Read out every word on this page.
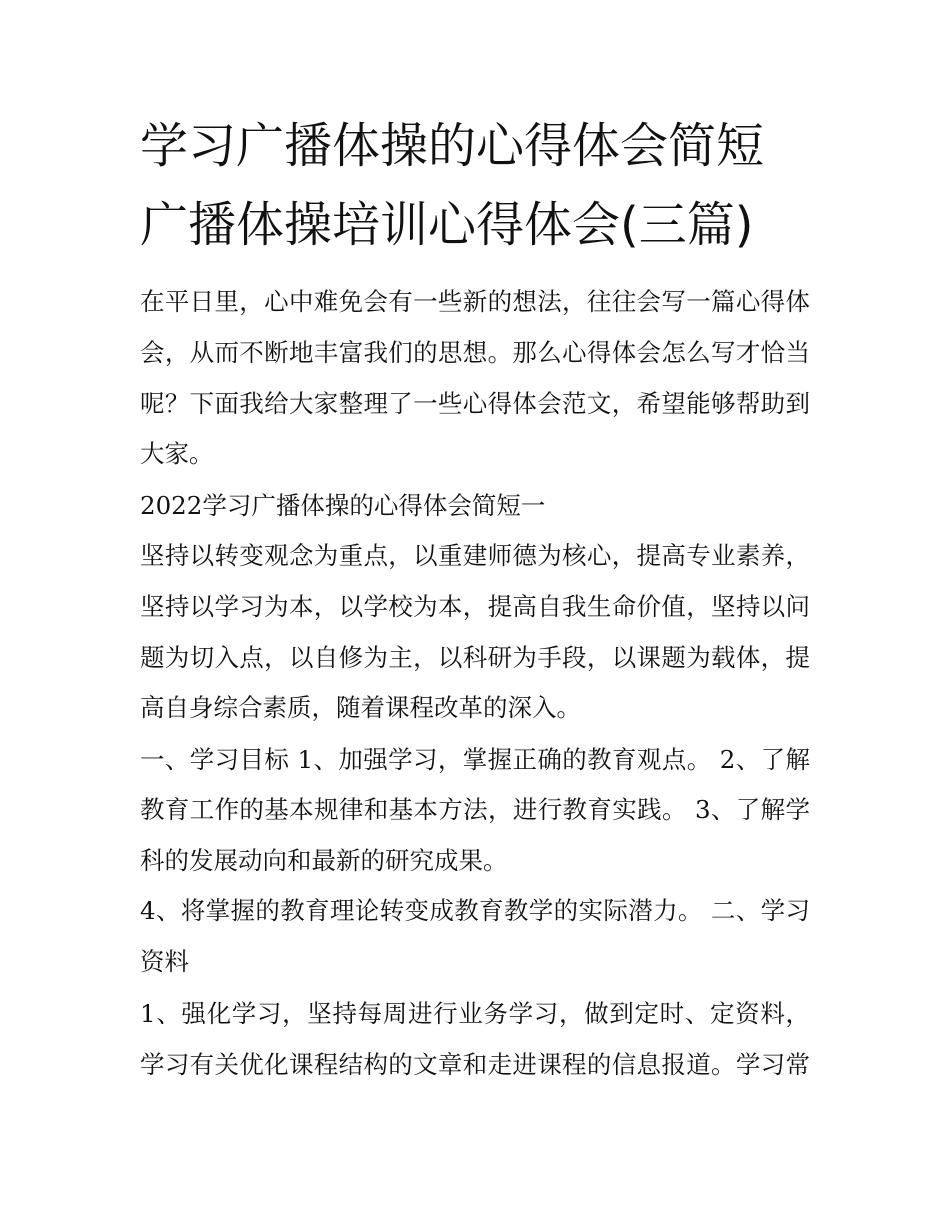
学习广播体操的心得体会简短
广播体操培训心得体会(三篇)
在平日里，心中难免会有一些新的想法，往往会写一篇心得体
会，从而不断地丰富我们的思想。那么心得体会怎么写才恰当
呢？下面我给大家整理了一些心得体会范文，希望能够帮助到
大家。
2022学习广播体操的心得体会简短一
坚持以转变观念为重点，以重建师德为核心，提高专业素养，
坚持以学习为本，以学校为本，提高自我生命价值，坚持以问
题为切入点，以自修为主，以科研为手段，以课题为载体，提
高自身综合素质，随着课程改革的深入。
一、学习目标 1、加强学习，掌握正确的教育观点。 2、了解
教育工作的基本规律和基本方法，进行教育实践。 3、了解学
科的发展动向和最新的研究成果。
4、将掌握的教育理论转变成教育教学的实际潜力。 二、学习
资料
1、强化学习，坚持每周进行业务学习，做到定时、定资料，
学习有关优化课程结构的文章和走进课程的信息报道。学习常
